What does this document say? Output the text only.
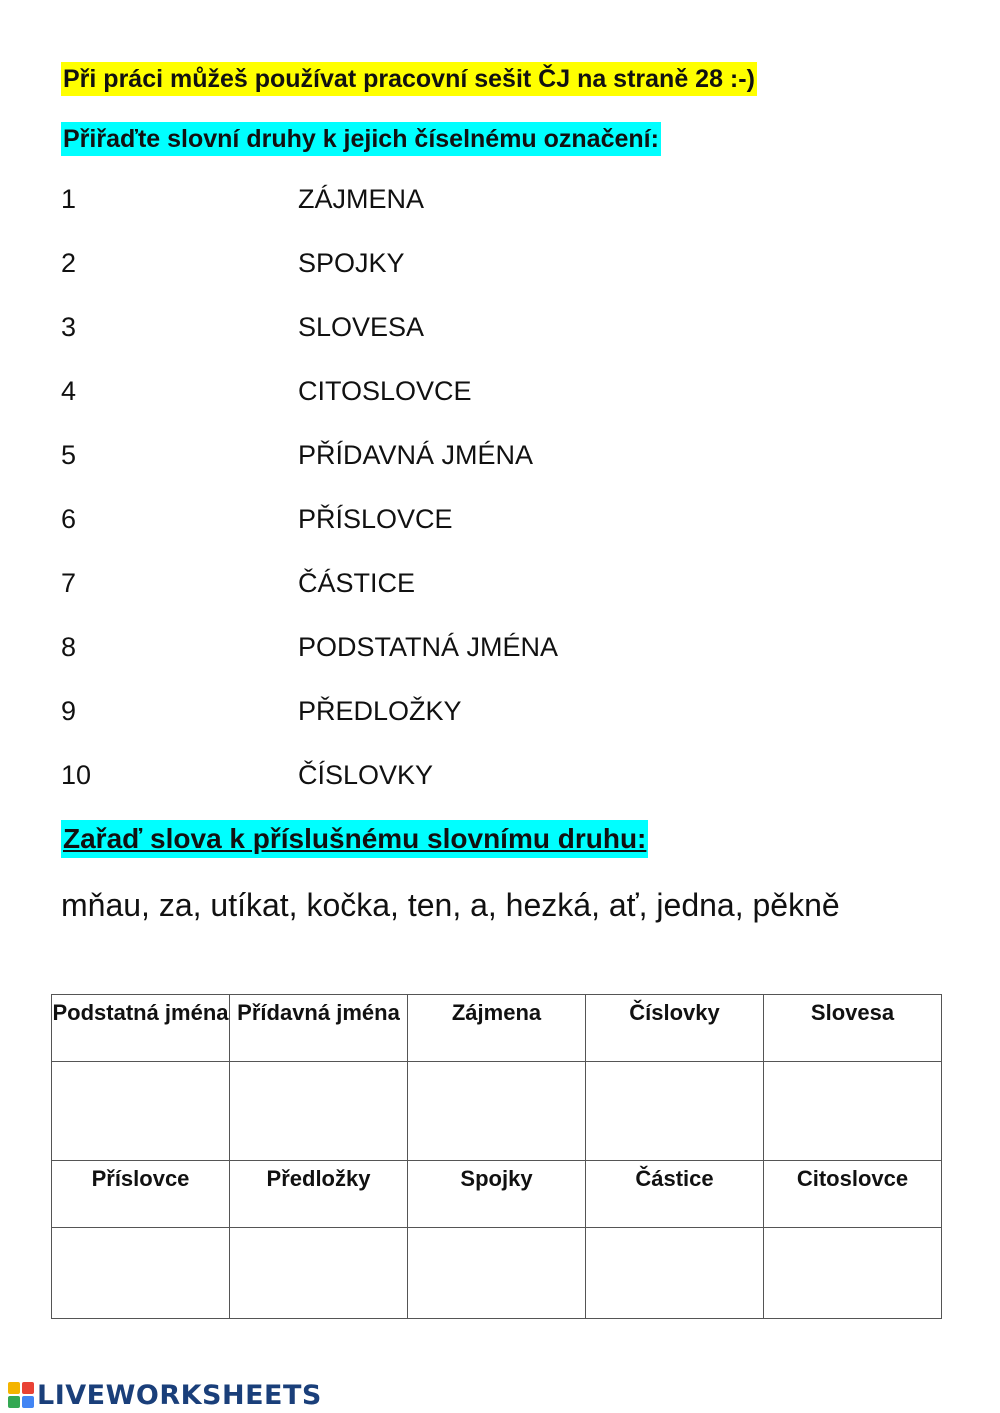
Při práci můžeš používat pracovní sešit ČJ na straně 28 :-)
Přiřaďte slovní druhy k jejich číselnému označení:
1	ZÁJMENA
2	SPOJKY
3	SLOVESA
4	CITOSLOVCE
5	PŘÍDAVNÁ JMÉNA
6	PŘÍSLOVCE
7	ČÁSTICE
8	PODSTATNÁ JMÉNA
9	PŘEDLOŽKY
10	ČÍSLOVKY
Zařaď slova k příslušnému slovnímu druhu:
mňau, za, utíkat, kočka, ten, a, hezká, ať, jedna, pěkně
Podstatná jména	Přídavná jména	Zájmena	Číslovky	Slovesa

Příslovce	Předložky	Spojky	Částice	Citoslovce

LIVEWORKSHEETS
